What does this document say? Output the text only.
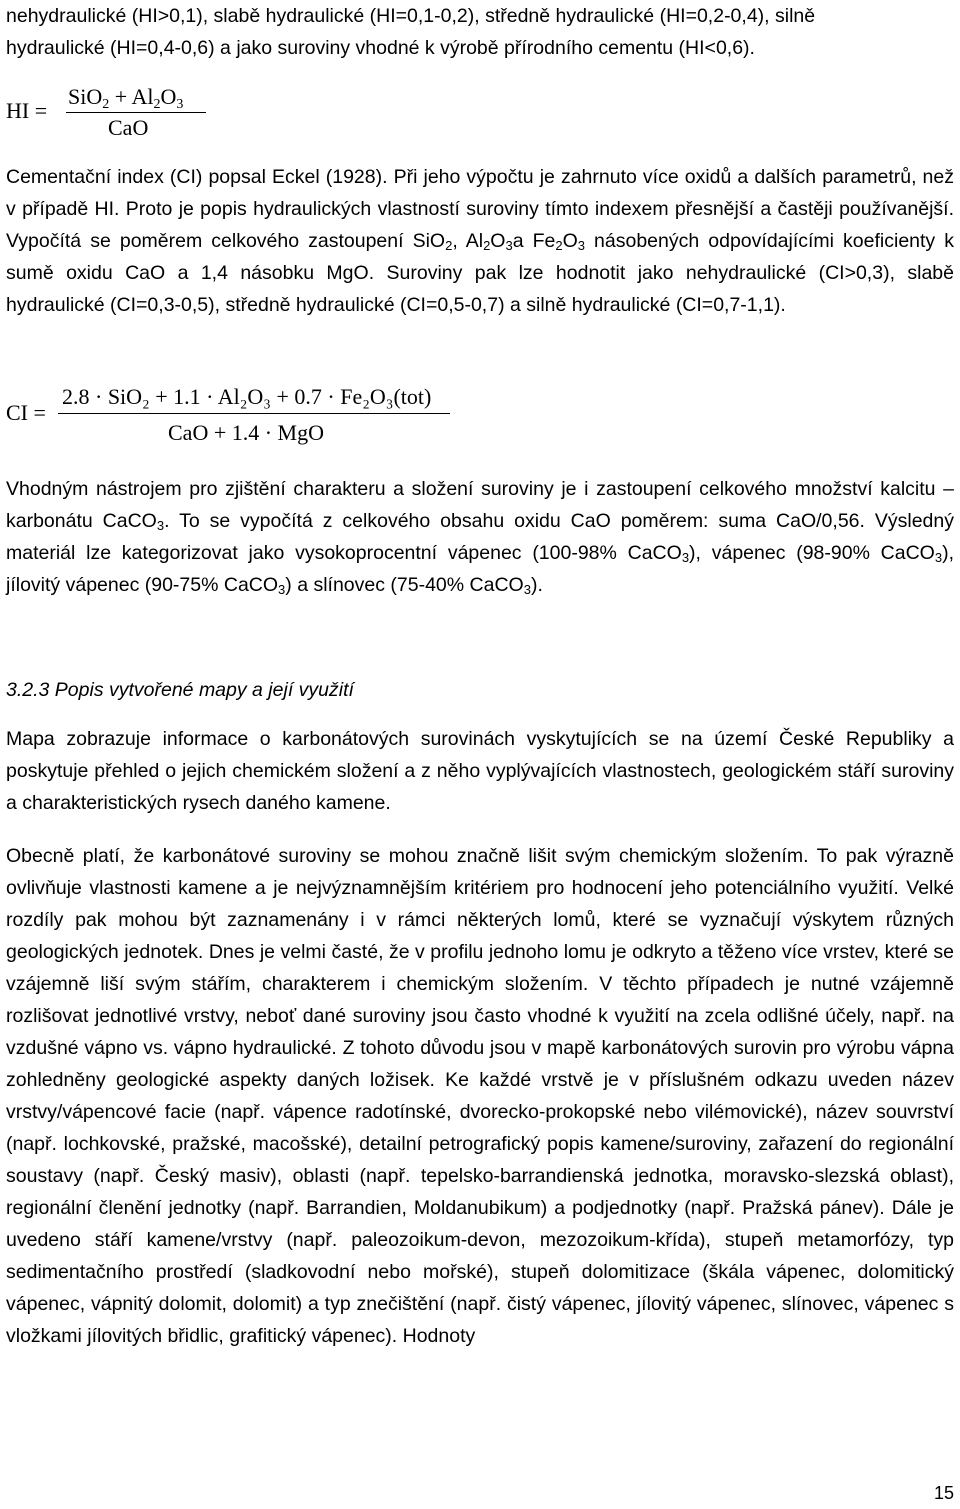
nehydraulické (HI>0,1), slabě hydraulické (HI=0,1-0,2), středně hydraulické (HI=0,2-0,4), silně
hydraulické (HI=0,4-0,6) a jako suroviny vhodné k výrobě přírodního cementu (HI<0,6).

HI =
$SiO_2 + Al_2O_3$
CaO

Cementační index (CI) popsal Eckel (1928). Při jeho výpočtu je zahrnuto více oxidů a dalších parametrů, než v případě HI. Proto je popis hydraulických vlastností suroviny tímto indexem přesnější a častěji používanější. Vypočítá se poměrem celkového zastoupení SiO$_2$, $Al_2O_3a$ $Fe_2O_3$ násobených odpovídajícími koeficienty k sumě oxidu CaO a 1,4 násobku MgO. Suroviny pak lze hodnotit jako nehydraulické (CI>0,3), slabě hydraulické (CI=0,3-0,5), středně hydraulické (CI=0,5-0,7) a silně hydraulické (CI=0,7-1,1).

CI =
2.8 · SiO₂ + 1.1 · Al₂O₃ + 0.7 · Fe₂O₃(tot)
CaO + 1.4 · MgO

Vhodným nástrojem pro zjištění charakteru a složení suroviny je i zastoupení celkového množství kalcitu – karbonátu CaCO$_3$. To se vypočítá z celkového obsahu oxidu CaO poměrem: suma CaO/0,56. Výsledný materiál lze kategorizovat jako vysokoprocentní vápenec (100-98% CaCO$_3$), vápenec (98-90% CaCO$_3$), jílovitý vápenec (90-75% CaCO$_3$) a slínovec (75-40% CaCO$_3$).

3.2.3 Popis vytvořené mapy a její využití

Mapa zobrazuje informace o karbonátových surovinách vyskytujících se na území České Republiky a poskytuje přehled o jejich chemickém složení a z něho vyplývajících vlastnostech, geologickém stáří suroviny a charakteristických rysech daného kamene.

Obecně platí, že karbonátové suroviny se mohou značně lišit svým chemickým složením. To pak výrazně ovlivňuje vlastnosti kamene a je nejvýznamnějším kritériem pro hodnocení jeho potenciálního využití. Velké rozdíly pak mohou být zaznamenány i v rámci některých lomů, které se vyznačují výskytem různých geologických jednotek. Dnes je velmi časté, že v profilu jednoho lomu je odkryto a těženo více vrstev, které se vzájemně liší svým stářím, charakterem i chemickým složením. V těchto případech je nutné vzájemně rozlišovat jednotlivé vrstvy, neboť dané suroviny jsou často vhodné k využití na zcela odlišné účely, např. na vzdušné vápno vs. vápno hydraulické. Z tohoto důvodu jsou v mapě karbonátových surovin pro výrobu vápna zohledněny geologické aspekty daných ložisek. Ke každé vrstvě je v příslušném odkazu uveden název vrstvy/vápencové facie (např. vápence radotínské, dvorecko-prokopské nebo vilémovické), název souvrství (např. lochkovské, pražské, macošské), detailní petrografický popis kamene/suroviny, zařazení do regionální soustavy (např. Český masiv), oblasti (např. tepelsko-barrandienská jednotka, moravsko-slezská oblast), regionální členění jednotky (např. Barrandien, Moldanubikum) a podjednotky (např. Pražská pánev). Dále je uvedeno stáří kamene/vrstvy (např. paleozoikum-devon, mezozoikum-křída), stupeň metamorfózy, typ sedimentačního prostředí (sladkovodní nebo mořské), stupeň dolomitizace (škála vápenec, dolomitický vápenec, vápnitý dolomit, dolomit) a typ znečištění (např. čistý vápenec, jílovitý vápenec, slínovec, vápenec s vložkami jílovitých břidlic, grafitický vápenec). Hodnoty

15
